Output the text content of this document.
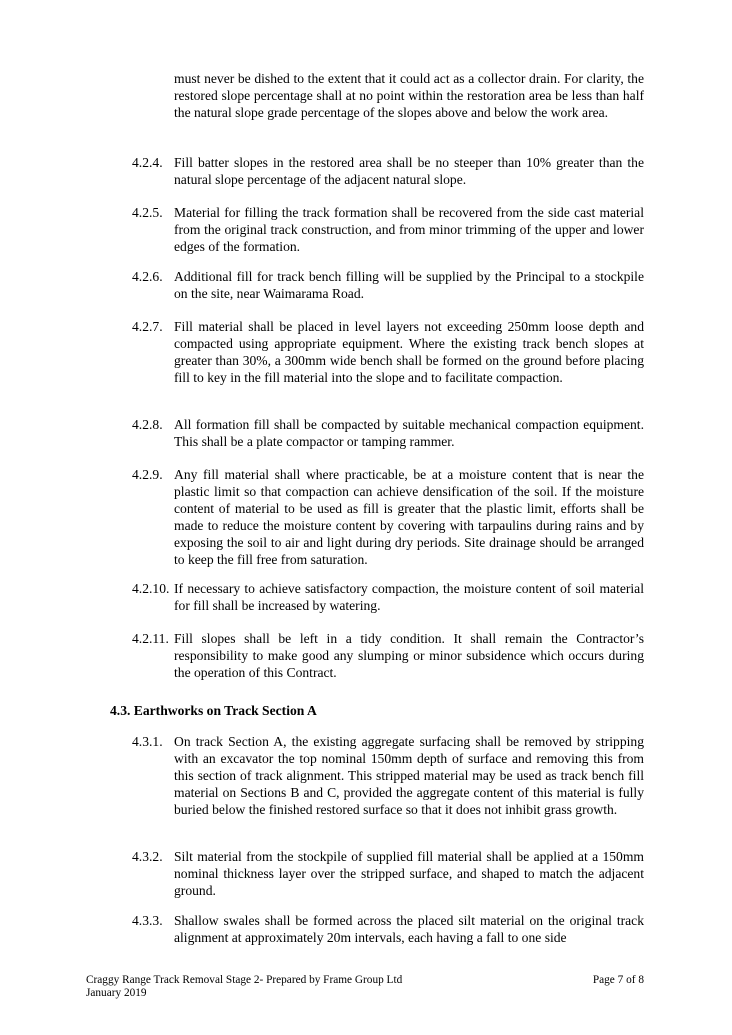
must never be dished to the extent that it could act as a collector drain. For clarity, the restored slope percentage shall at no point within the restoration area be less than half the natural slope grade percentage of the slopes above and below the work area.
4.2.4. Fill batter slopes in the restored area shall be no steeper than 10% greater than the natural slope percentage of the adjacent natural slope.
4.2.5. Material for filling the track formation shall be recovered from the side cast material from the original track construction, and from minor trimming of the upper and lower edges of the formation.
4.2.6. Additional fill for track bench filling will be supplied by the Principal to a stockpile on the site, near Waimarama Road.
4.2.7. Fill material shall be placed in level layers not exceeding 250mm loose depth and compacted using appropriate equipment. Where the existing track bench slopes at greater than 30%, a 300mm wide bench shall be formed on the ground before placing fill to key in the fill material into the slope and to facilitate compaction.
4.2.8. All formation fill shall be compacted by suitable mechanical compaction equipment. This shall be a plate compactor or tamping rammer.
4.2.9. Any fill material shall where practicable, be at a moisture content that is near the plastic limit so that compaction can achieve densification of the soil. If the moisture content of material to be used as fill is greater that the plastic limit, efforts shall be made to reduce the moisture content by covering with tarpaulins during rains and by exposing the soil to air and light during dry periods. Site drainage should be arranged to keep the fill free from saturation.
4.2.10. If necessary to achieve satisfactory compaction, the moisture content of soil material for fill shall be increased by watering.
4.2.11. Fill slopes shall be left in a tidy condition. It shall remain the Contractor’s responsibility to make good any slumping or minor subsidence which occurs during the operation of this Contract.
4.3. Earthworks on Track Section A
4.3.1. On track Section A, the existing aggregate surfacing shall be removed by stripping with an excavator the top nominal 150mm depth of surface and removing this from this section of track alignment. This stripped material may be used as track bench fill material on Sections B and C, provided the aggregate content of this material is fully buried below the finished restored surface so that it does not inhibit grass growth.
4.3.2. Silt material from the stockpile of supplied fill material shall be applied at a 150mm nominal thickness layer over the stripped surface, and shaped to match the adjacent ground.
4.3.3. Shallow swales shall be formed across the placed silt material on the original track alignment at approximately 20m intervals, each having a fall to one side
Craggy Range Track Removal Stage 2- Prepared by Frame Group Ltd
January 2019
Page 7 of 8
